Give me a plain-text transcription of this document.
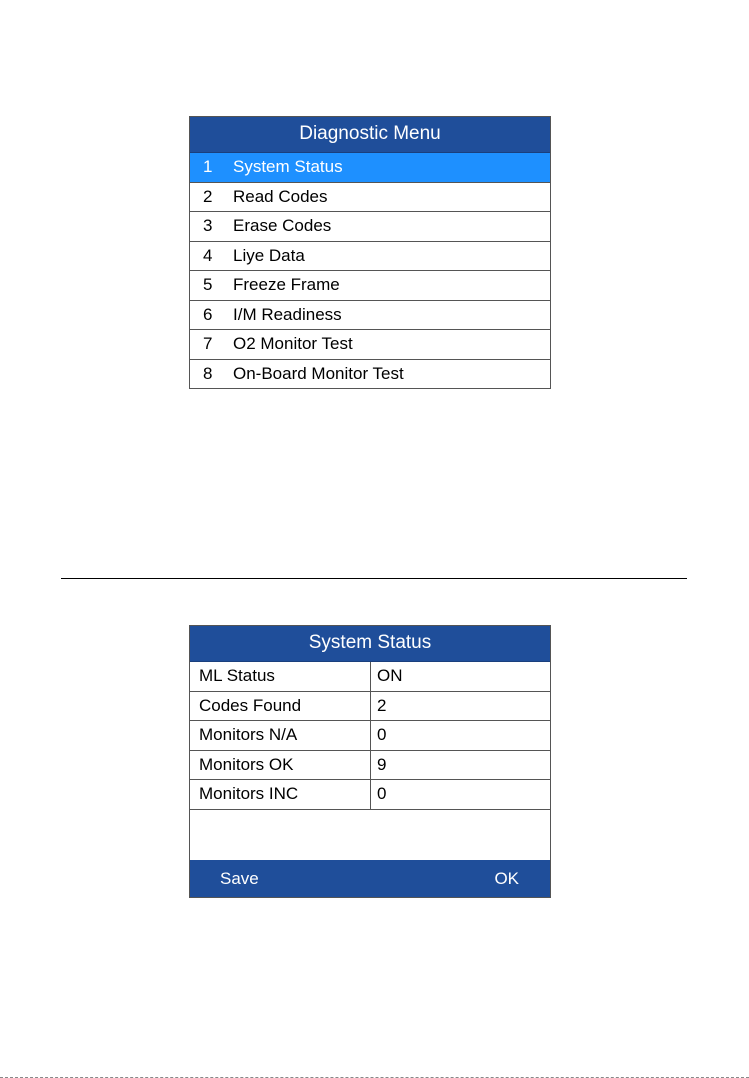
Diagnostic Menu
1	System Status
2	Read Codes
3	Erase Codes
4	Liye Data
5	Freeze Frame
6	I/M Readiness
7	O2 Monitor Test
8	On-Board Monitor Test
System Status
ML Status	ON
Codes Found	2
Monitors N/A	0
Monitors OK	9
Monitors INC	0
Save	OK
